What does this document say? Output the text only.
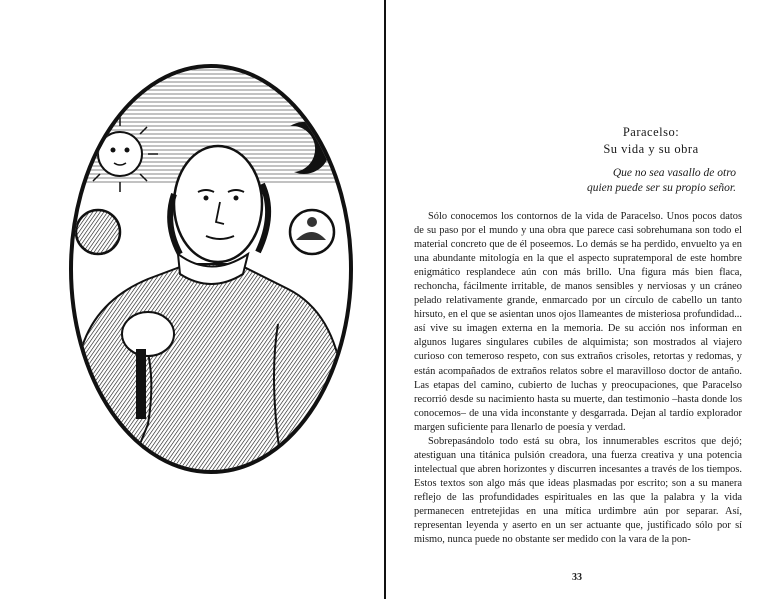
Paracelso:
Su vida y su obra
Que no sea vasallo de otro
quien puede ser su propio señor.

Sólo conocemos los contornos de la vida de Paracelso. Unos pocos datos de su paso por el mundo y una obra que parece casi sobrehumana son todo el material concreto que de él poseemos. Lo demás se ha perdido, envuelto ya en una abundante mitología en la que el aspecto supratemporal de este hombre enigmático resplandece aún con más brillo. Una figura más bien flaca, rechoncha, fácilmente irritable, de manos sensibles y nerviosas y un cráneo pelado relativamente grande, enmarcado por un círculo de cabello un tanto hirsuto, en el que se asientan unos ojos llameantes de misteriosa profundidad... así vive su imagen externa en la memoria. De su acción nos informan en algunos lugares singulares cubiles de alquimista; son mostrados al viajero curioso con temeroso respeto, con sus extraños crisoles, retortas y redomas, y están acompañados de extraños relatos sobre el maravilloso doctor de antaño. Las etapas del camino, cubierto de luchas y preocupaciones, que Paracelso recorrió desde su nacimiento hasta su muerte, dan testimonio –hasta donde los conocemos– de una vida inconstante y desgarrada. Dejan al tardío explorador margen suficiente para llenarlo de poesía y verdad.

Sobrepasándolo todo está su obra, los innumerables escritos que dejó; atestiguan una titánica pulsión creadora, una fuerza creativa y una potencia intelectual que abren horizontes y discurren incesantes a través de los tiempos. Estos textos son algo más que ideas plasmadas por escrito; son a su manera reflejo de las profundidades espirituales en las que la palabra y la vida permanecen entretejidas en una mítica urdimbre aún por separar. Así, representan leyenda y aserto en un ser actuante que, justificado sólo por sí mismo, nunca puede no obstante ser medido con la vara de la pon-

33
